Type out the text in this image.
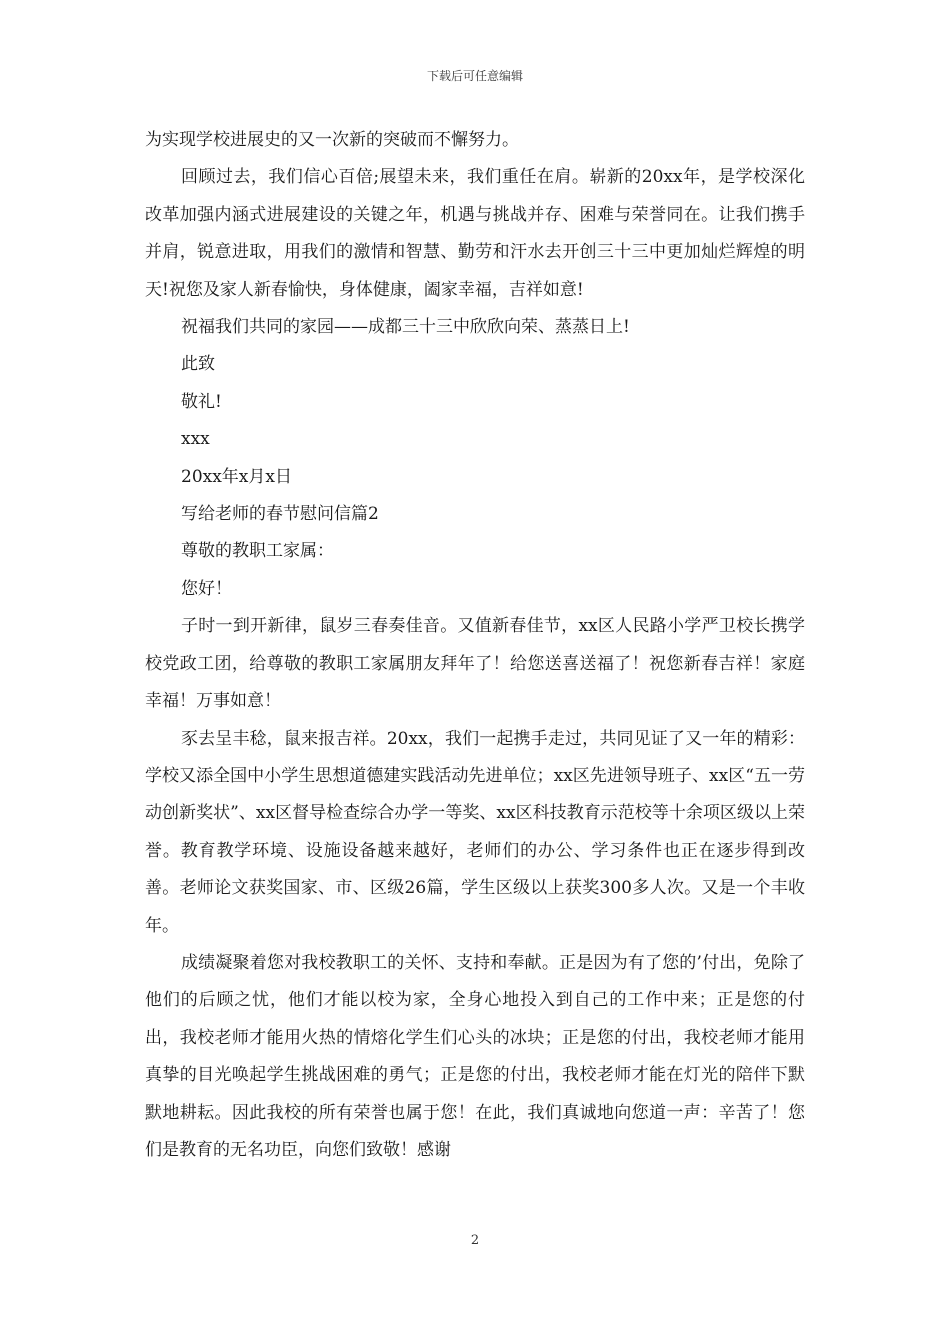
下载后可任意编辑

为实现学校进展史的又一次新的突破而不懈努力。

回顾过去，我们信心百倍;展望未来，我们重任在肩。崭新的20xx年，是学校深化改革加强内涵式进展建设的关键之年，机遇与挑战并存、困难与荣誉同在。让我们携手并肩，锐意进取，用我们的激情和智慧、勤劳和汗水去开创三十三中更加灿烂辉煌的明天!祝您及家人新春愉快，身体健康，阖家幸福，吉祥如意!

祝福我们共同的家园——成都三十三中欣欣向荣、蒸蒸日上!

此致

敬礼!

xxx

20xx年x月x日

写给老师的春节慰问信篇2

尊敬的教职工家属：

您好！

子时一到开新律，鼠岁三春奏佳音。又值新春佳节，xx区人民路小学严卫校长携学校党政工团，给尊敬的教职工家属朋友拜年了！给您送喜送福了！祝您新春吉祥！家庭幸福！万事如意！

豕去呈丰稔，鼠来报吉祥。20xx，我们一起携手走过，共同见证了又一年的精彩：学校又添全国中小学生思想道德建实践活动先进单位；xx区先进领导班子、xx区“五一劳动创新奖状”、xx区督导检查综合办学一等奖、xx区科技教育示范校等十余项区级以上荣誉。教育教学环境、设施设备越来越好，老师们的办公、学习条件也正在逐步得到改善。老师论文获奖国家、市、区级26篇，学生区级以上获奖300多人次。又是一个丰收年。

成绩凝聚着您对我校教职工的关怀、支持和奉献。正是因为有了您的’付出，免除了他们的后顾之忧，他们才能以校为家，全身心地投入到自己的工作中来；正是您的付出，我校老师才能用火热的情熔化学生们心头的冰块；正是您的付出，我校老师才能用真挚的目光唤起学生挑战困难的勇气；正是您的付出，我校老师才能在灯光的陪伴下默默地耕耘。因此我校的所有荣誉也属于您！在此，我们真诚地向您道一声：辛苦了！您们是教育的无名功臣，向您们致敬！感谢

2
